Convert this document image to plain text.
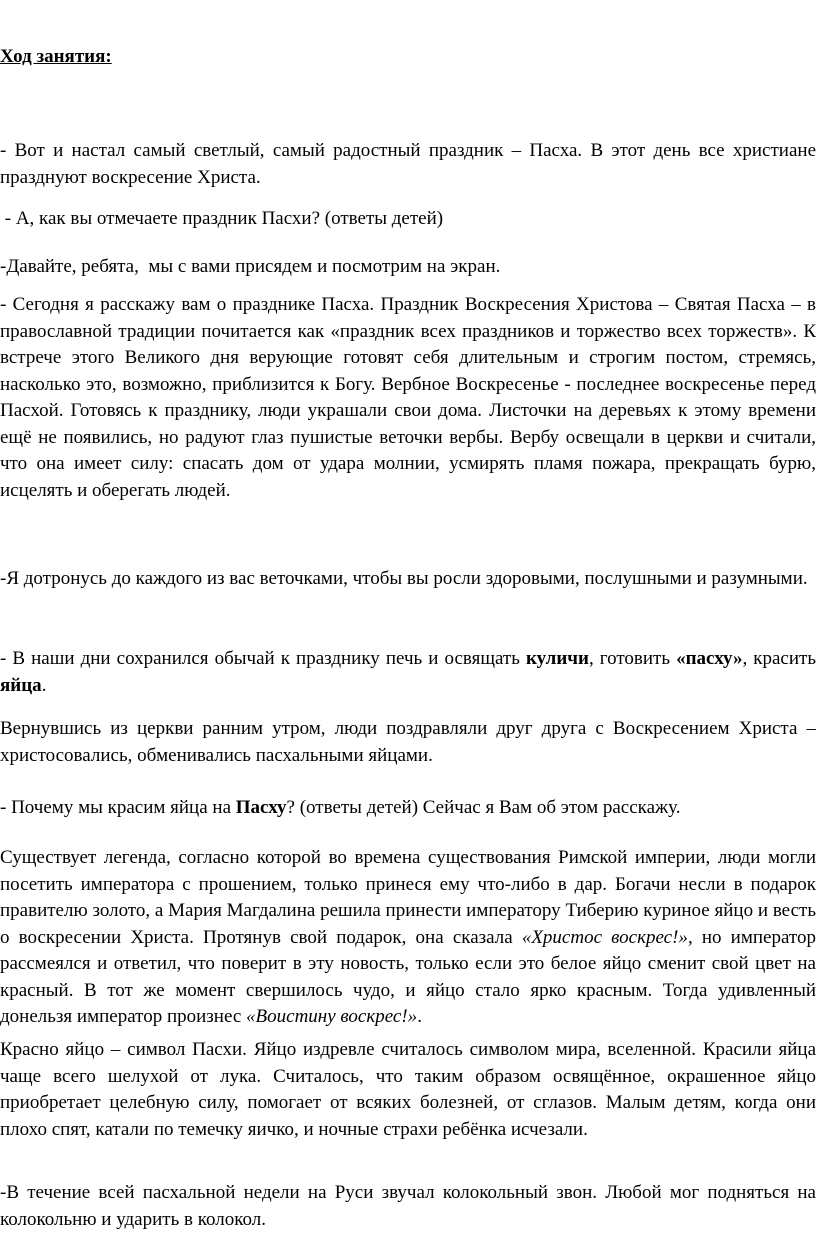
Ход занятия:
- Вот и настал самый светлый, самый радостный праздник – Пасха. В этот день все христиане празднуют воскресение Христа.
- А, как вы отмечаете праздник Пасхи? (ответы детей)
-Давайте, ребята,  мы с вами присядем и посмотрим на экран.
- Сегодня я расскажу вам о празднике Пасха. Праздник Воскресения Христова – Святая Пасха – в православной традиции почитается как «праздник всех праздников и торжество всех торжеств». К встрече этого Великого дня верующие готовят себя длительным и строгим постом, стремясь, насколько это, возможно, приблизится к Богу. Вербное Воскресенье - последнее воскресенье перед Пасхой. Готовясь к празднику, люди украшали свои дома. Листочки на деревьях к этому времени ещё не появились, но радуют глаз пушистые веточки вербы. Вербу освещали в церкви и считали, что она имеет силу: спасать дом от удара молнии, усмирять пламя пожара, прекращать бурю, исцелять и оберегать людей.
-Я дотронусь до каждого из вас веточками, чтобы вы росли здоровыми, послушными и разумными.
- В наши дни сохранился обычай к празднику печь и освящать куличи, готовить «пасху», красить яйца.
Вернувшись из церкви ранним утром, люди поздравляли друг друга с Воскресением Христа – христосовались, обменивались пасхальными яйцами.
- Почему мы красим яйца на Пасху? (ответы детей) Сейчас я Вам об этом расскажу.
Существует легенда, согласно которой во времена существования Римской империи, люди могли посетить императора с прошением, только принеся ему что-либо в дар. Богачи несли в подарок правителю золото, а Мария Магдалина решила принести императору Тиберию куриное яйцо и весть о воскресении Христа. Протянув свой подарок, она сказала «Христос воскрес!», но император рассмеялся и ответил, что поверит в эту новость, только если это белое яйцо сменит свой цвет на красный. В тот же момент свершилось чудо, и яйцо стало ярко красным. Тогда удивленный донельзя император произнес «Воистину воскрес!».
Красно яйцо – символ Пасхи. Яйцо издревле считалось символом мира, вселенной. Красили яйца чаще всего шелухой от лука. Считалось, что таким образом освящённое, окрашенное яйцо приобретает целебную силу, помогает от всяких болезней, от сглазов. Малым детям, когда они плохо спят, катали по темечку яичко, и ночные страхи ребёнка исчезали.
-В течение всей пасхальной недели на Руси звучал колокольный звон. Любой мог подняться на колокольню и ударить в колокол.
